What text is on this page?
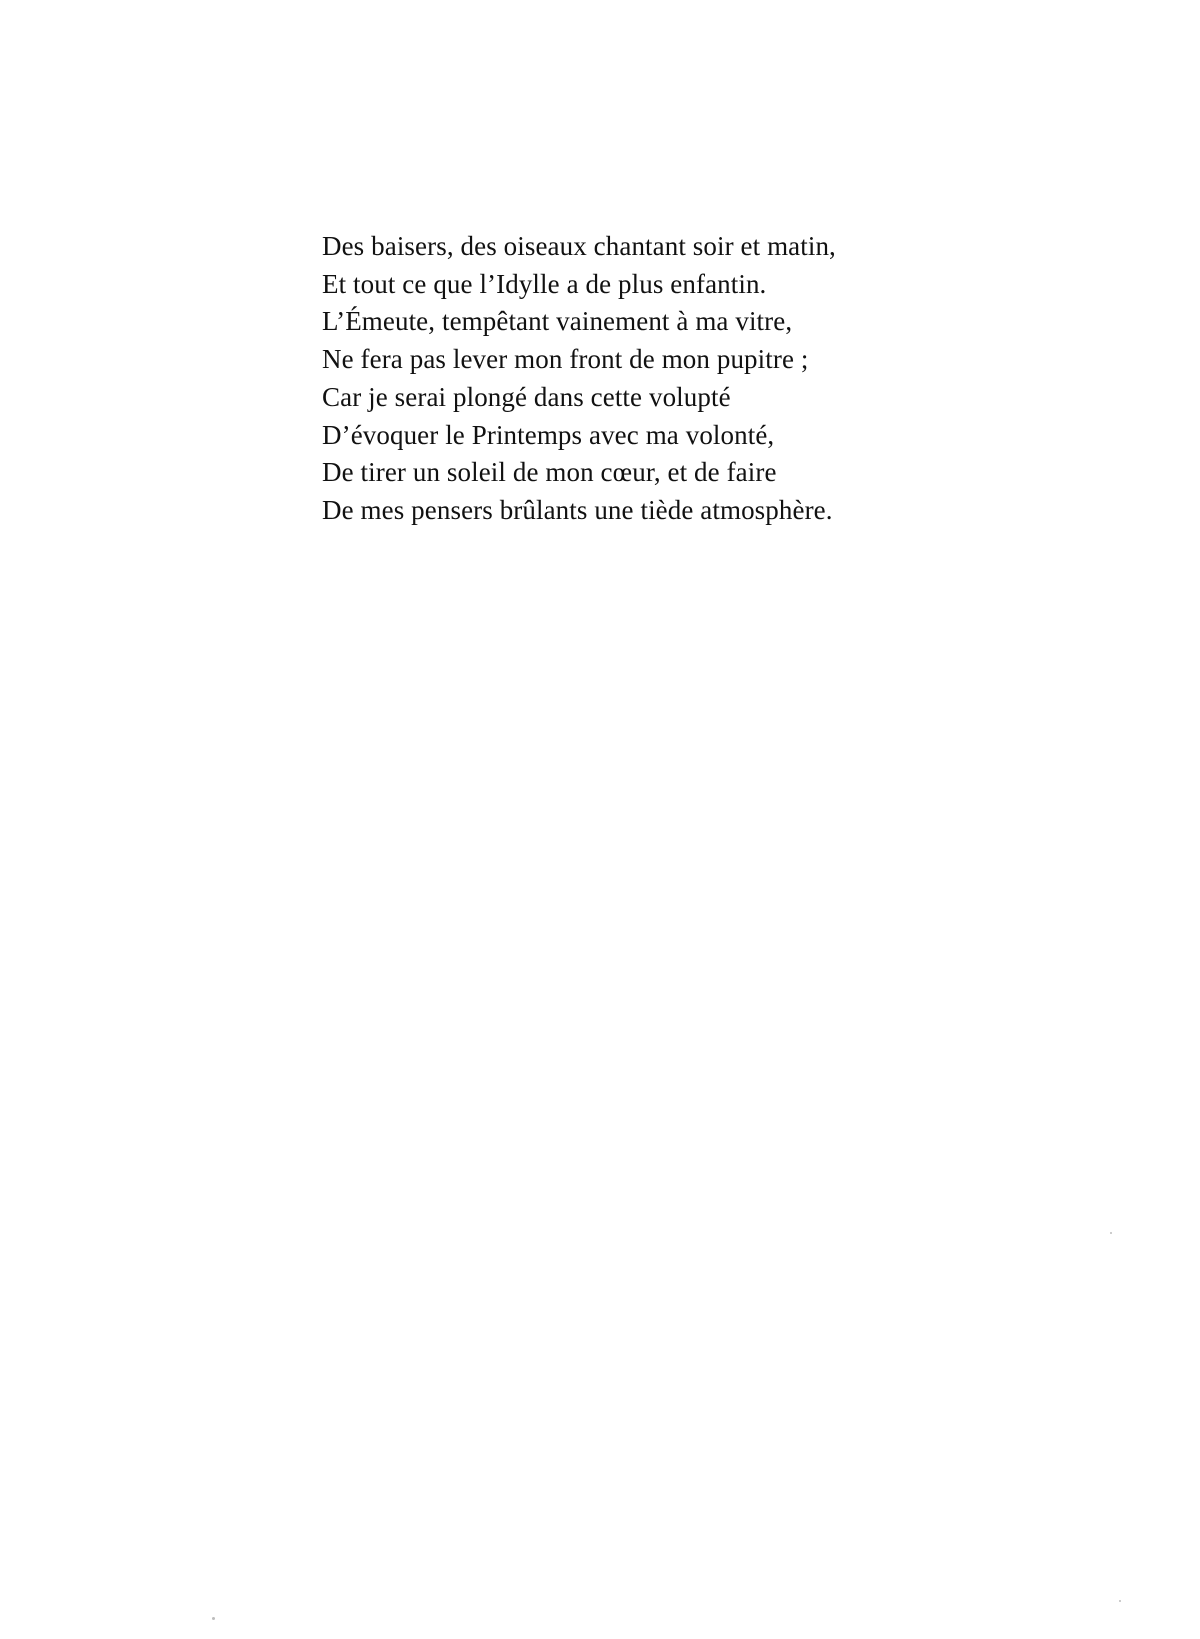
Des baisers, des oiseaux chantant soir et matin,
Et tout ce que l’Idylle a de plus enfantin.
L’Émeute, tempêtant vainement à ma vitre,
Ne fera pas lever mon front de mon pupitre ;
Car je serai plongé dans cette volupté
D’évoquer le Printemps avec ma volonté,
De tirer un soleil de mon cœur, et de faire
De mes pensers brûlants une tiède atmosphère.
